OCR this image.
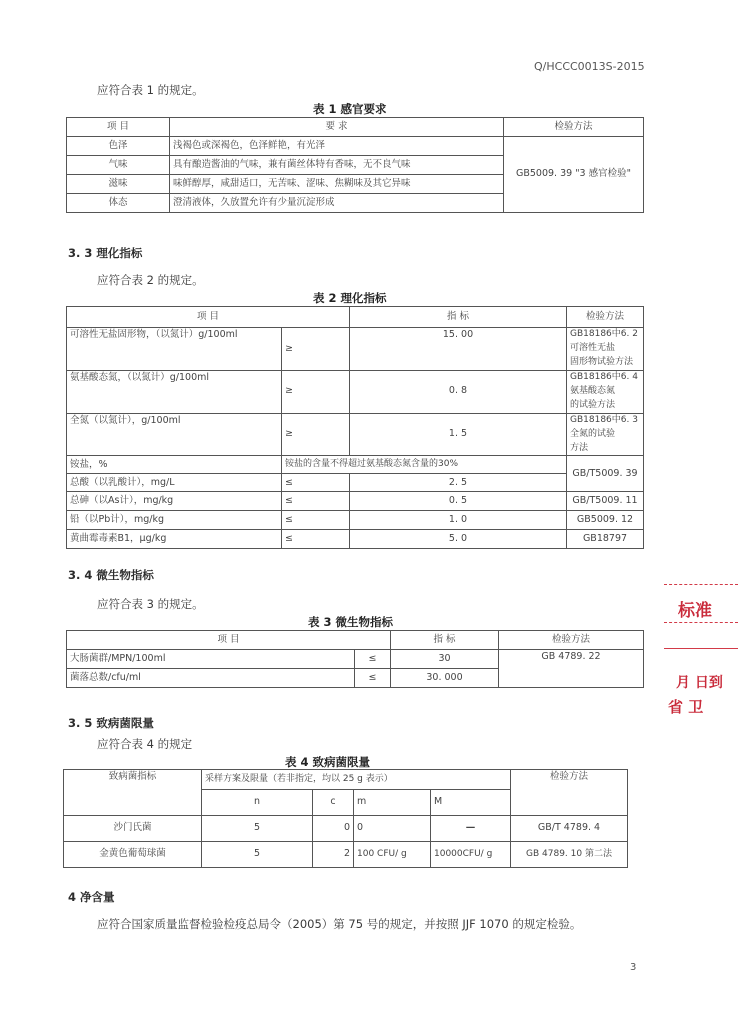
Q/HCCC0013S-2015
应符合表 1 的规定。
表 1 感官要求
项 目	要 求	检验方法
色泽	浅褐色或深褐色，色泽鲜艳，有光泽	GB5009. 39 "3 感官检验"
气味	具有酿造酱油的气味，兼有菌丝体特有香味，无不良气味	
滋味	味鲜醇厚，咸甜适口，无苦味、涩味、焦糊味及其它异味	
体态	澄清液体，久放置允许有少量沉淀形成	
3. 3 理化指标
应符合表 2 的规定。
表 2 理化指标
项 目		指 标	检验方法
可溶性无盐固形物，（以氮计）g/100ml	≥	15. 00	GB18186中6. 2可溶性无盐
固形物试验方法

氨基酸态氮，（以氮计）g/100ml	≥	0. 8	GB18186中6. 4氨基酸态氮
的试验方法

全氮（以氮计），g/100ml	≥	1. 5	GB18186中6. 3全氮的试验
方法

铵盐，%	铵盐的含量不得超过氨基酸态氮含量的30%		GB/T5009. 39
总酸（以乳酸计），mg/L	≤	2. 5	
总砷（以As计），mg/kg	≤	0. 5	GB/T5009. 11
铅（以Pb计），mg/kg	≤	1. 0	GB5009. 12
黄曲霉毒素B1，μg/kg	≤	5. 0	GB18797
3. 4 微生物指标
应符合表 3 的规定。
表 3 微生物指标
项 目		指 标	检验方法
大肠菌群/MPN/100ml	≤	30	GB 4789. 22
菌落总数/cfu/ml	≤	30. 000	
3. 5 致病菌限量
应符合表 4 的规定
表 4 致病菌限量
致病菌指标	采样方案及限量（若非指定，均以 25 g 表示）				检验方法
	n	c	m	M	
沙门氏菌	5	0	0	—	GB/T 4789. 4
金黄色葡萄球菌	5	2	100 CFU/ g	10000CFU/ g	GB 4789. 10 第二法
4 净含量
应符合国家质量监督检验检疫总局令（2005）第 75 号的规定，并按照 JJF 1070 的规定检验。
标准
月 日到
省 卫
3
